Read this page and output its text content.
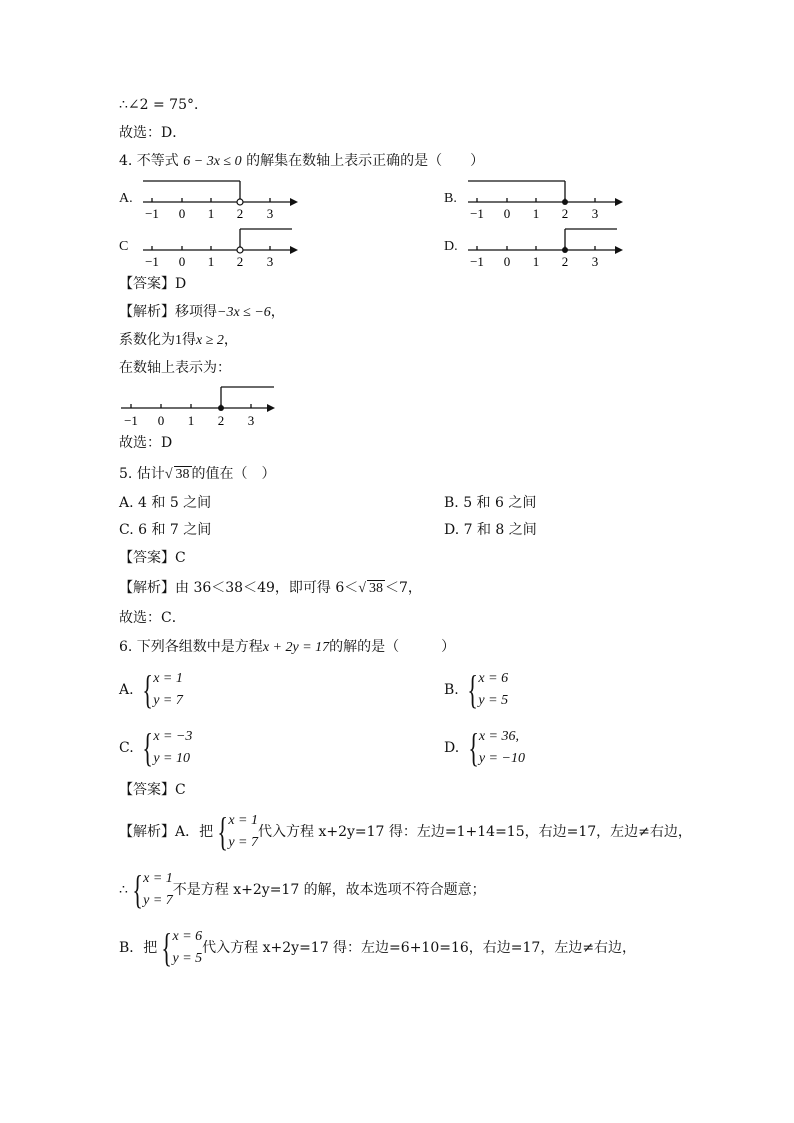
∴∠2 = 75°．
故选：D．
4. 不等式 6 − 3x ≤ 0 的解集在数轴上表示正确的是（　　）
A.	B.
C	D.
−1 0 1 2 3	−1 0 1 2 3
−1 0 1 2 3	−1 0 1 2 3
【答案】D
【解析】移项得−3x ≤ −6，
系数化为1得x ≥ 2，
在数轴上表示为：
−1 0 1 2 3
故选：D
5. 估计√ 38 的值在（　）
A. 4 和 5 之间	B. 5 和 6 之间
C. 6 和 7 之间	D. 7 和 8 之间
【答案】C
【解析】由 36＜38＜49，即可得 6＜√ 38 ＜7，
故选：C．
6. 下列各组数中是方程x + 2y = 17的解的是（　　　）
A. { x = 1
y = 7
B. { x = 6
y = 5
C. { x = −3
y = 10
D. { x = 36,
y = −10
【答案】C
【解析】A．把 { x = 1
y = 7
代入方程 x+2y=17 得：左边=1+14=15，右边=17，左边≠右边，
∴ { x = 1
y = 7
不是方程 x+2y=17 的解，故本选项不符合题意；
B．把 { x = 6
y = 5
代入方程 x+2y=17 得：左边=6+10=16，右边=17，左边≠右边，
